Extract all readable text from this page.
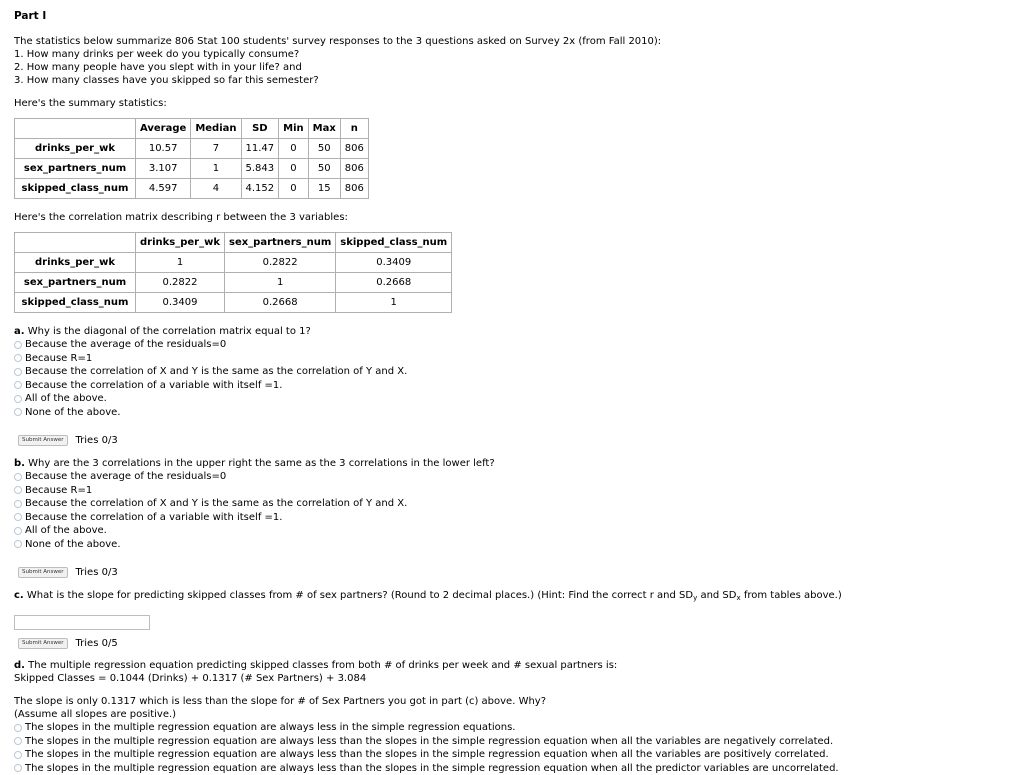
Part I

The statistics below summarize 806 Stat 100 students' survey responses to the 3 questions asked on Survey 2x (from Fall 2010):

1. How many drinks per week do you typically consume?

2. How many people have you slept with in your life? and

3. How many classes have you skipped so far this semester?

Here's the summary statistics:

	Average	Median	SD	Min	Max	n
drinks_per_wk	10.57	7	11.47	0	50	806
sex_partners_num	3.107	1	5.843	0	50	806
skipped_class_num	4.597	4	4.152	0	15	806

Here's the correlation matrix describing r between the 3 variables:

	drinks_per_wk	sex_partners_num	skipped_class_num
drinks_per_wk	1	0.2822	0.3409
sex_partners_num	0.2822	1	0.2668
skipped_class_num	0.3409	0.2668	1

a. Why is the diagonal of the correlation matrix equal to 1?

Because the average of the residuals=0
Because R=1
Because the correlation of X and Y is the same as the correlation of Y and X.
Because the correlation of a variable with itself =1.
All of the above.
None of the above.
Submit Answer	Tries 0/3

b. Why are the 3 correlations in the upper right the same as the 3 correlations in the lower left?

Because the average of the residuals=0
Because R=1
Because the correlation of X and Y is the same as the correlation of Y and X.
Because the correlation of a variable with itself =1.
All of the above.
None of the above.
Submit Answer	Tries 0/3

c. What is the slope for predicting skipped classes from # of sex partners? (Round to 2 decimal places.) (Hint: Find the correct r and $SD_y$ and $SD_x$ from tables above.)

Submit Answer	Tries 0/5

d. The multiple regression equation predicting skipped classes from both # of drinks per week and # sexual partners is:

Skipped Classes = 0.1044 (Drinks) + 0.1317 (# Sex Partners) + 3.084

The slope is only 0.1317 which is less than the slope for # of Sex Partners you got in part (c) above. Why?

(Assume all slopes are positive.)

The slopes in the multiple regression equation are always less in the simple regression equations.
The slopes in the multiple regression equation are always less than the slopes in the simple regression equation when all the variables are negatively correlated.
The slopes in the multiple regression equation are always less than the slopes in the simple regression equation when all the variables are positively correlated.
The slopes in the multiple regression equation are always less than the slopes in the simple regression equation when all the predictor variables are uncorrelated.
